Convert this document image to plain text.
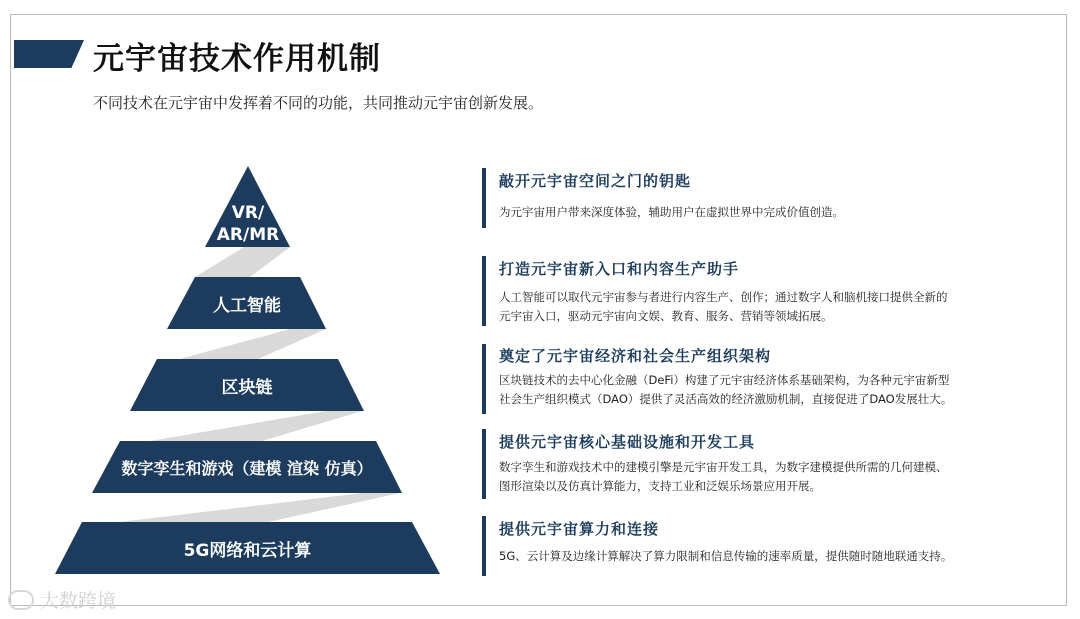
元宇宙技术作用机制
不同技术在元宇宙中发挥着不同的功能，共同推动元宇宙创新发展。
VR/
AR/MR
人工智能
区块链
数字孪生和游戏（建模 渲染 仿真）
5G网络和云计算
敲开元宇宙空间之门的钥匙
为元宇宙用户带来深度体验，辅助用户在虚拟世界中完成价值创造。
打造元宇宙新入口和内容生产助手
人工智能可以取代元宇宙参与者进行内容生产、创作；通过数字人和脑机接口提供全新的
元宇宙入口，驱动元宇宙向文娱、教育、服务、营销等领域拓展。
奠定了元宇宙经济和社会生产组织架构
区块链技术的去中心化金融（DeFi）构建了元宇宙经济体系基础架构，为各种元宇宙新型
社会生产组织模式（DAO）提供了灵活高效的经济激励机制，直接促进了DAO发展壮大。
提供元宇宙核心基础设施和开发工具
数字孪生和游戏技术中的建模引擎是元宇宙开发工具，为数字建模提供所需的几何建模、
图形渲染以及仿真计算能力，支持工业和泛娱乐场景应用开展。
提供元宇宙算力和连接
5G、云计算及边缘计算解决了算力限制和信息传输的速率质量，提供随时随地联通支持。
大数跨境
